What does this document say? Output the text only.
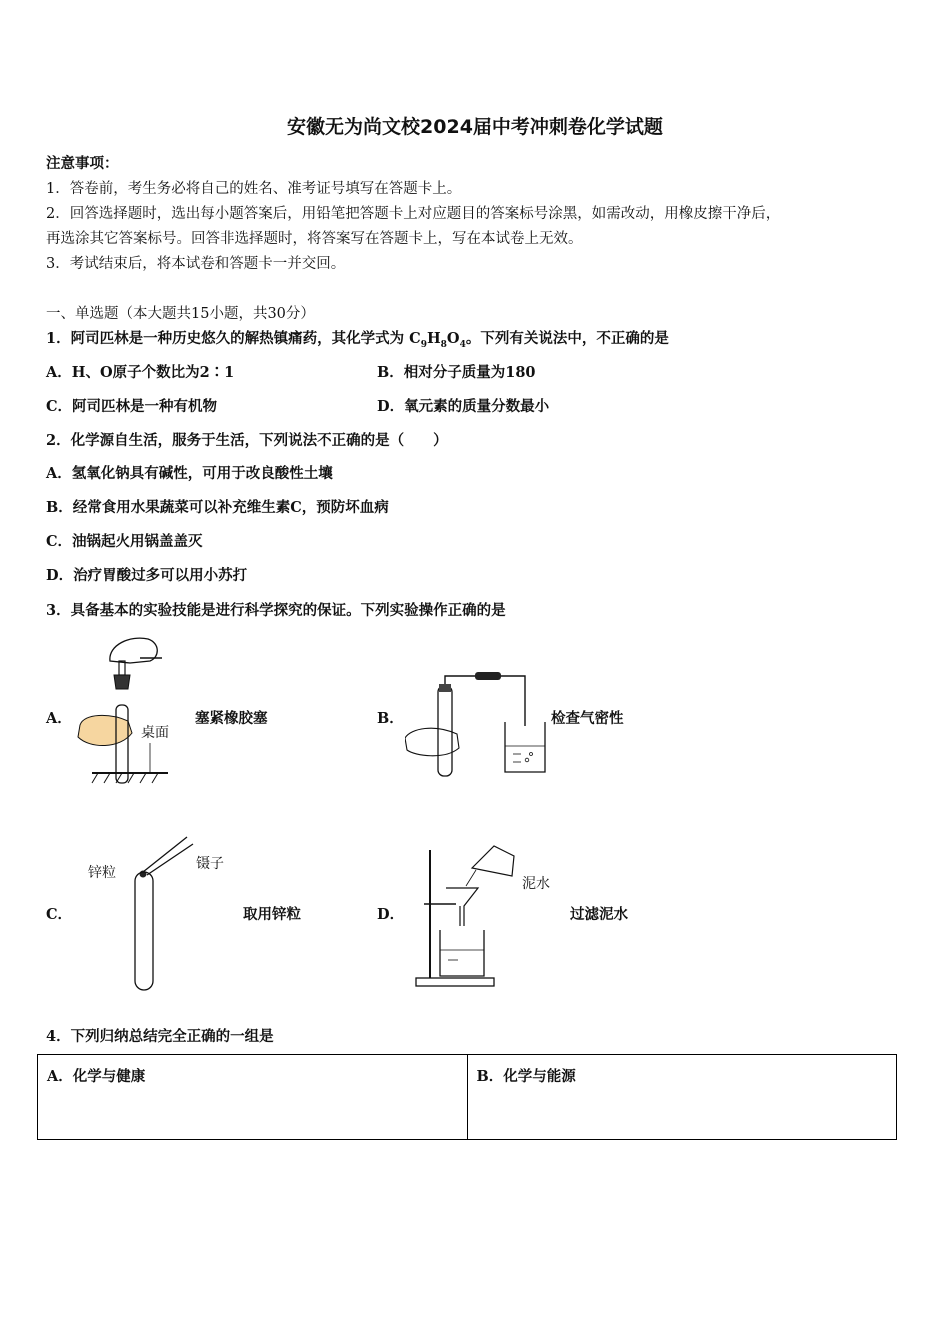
安徽无为尚文校2024届中考冲刺卷化学试题
注意事项：
1．答卷前，考生务必将自己的姓名、准考证号填写在答题卡上。
2．回答选择题时，选出每小题答案后，用铅笔把答题卡上对应题目的答案标号涂黑，如需改动，用橡皮擦干净后，
再选涂其它答案标号。回答非选择题时，将答案写在答题卡上，写在本试卷上无效。
3．考试结束后，将本试卷和答题卡一并交回。
一、单选题（本大题共15小题，共30分）
1．阿司匹林是一种历史悠久的解热镇痛药，其化学式为 $C_9H_8O_4$。下列有关说法中，不正确的是
A．H、O原子个数比为2∶1	B．相对分子质量为180
C．阿司匹林是一种有机物	D．氧元素的质量分数最小
2．化学源自生活，服务于生活，下列说法不正确的是（　　）
A．氢氧化钠具有碱性，可用于改良酸性土壤
B．经常食用水果蔬菜可以补充维生素C，预防坏血病
C．油锅起火用锅盖盖灭
D．治疗胃酸过多可以用小苏打
3．具备基本的实验技能是进行科学探究的保证。下列实验操作正确的是
A．
桌面
塞紧橡胶塞	B．	检查气密性
C．
锌粒
镊子
取用锌粒	D．
泥水
过滤泥水
4．下列归纳总结完全正确的一组是
A．化学与健康	B．化学与能源
